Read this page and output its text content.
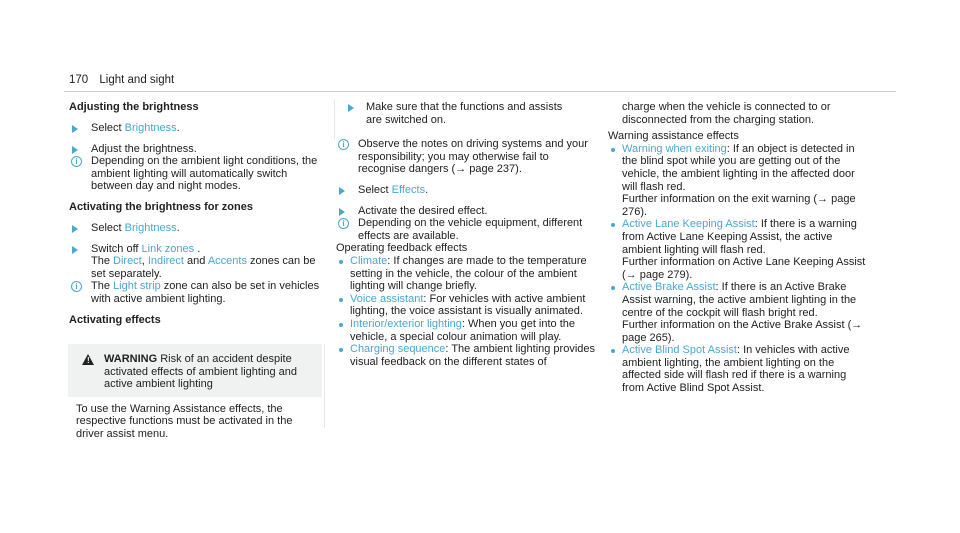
170 Light and sight
Adjusting the brightness
Select Brightness.
Adjust the brightness.
i	Depending on the ambient light conditions, the ambient lighting will automatically switch between day and night modes.
Activating the brightness for zones
Select Brightness.
Switch off Link zones .
The Direct, Indirect and Accents zones can be set separately.
i	The Light strip zone can also be set in vehicles with active ambient lighting.
Activating effects
! WARNING Risk of an accident despite activated effects of ambient lighting and active ambient lighting
To use the Warning Assistance effects, the respective functions must be activated in the driver assist menu.
Make sure that the functions and assists are switched on.
i	Observe the notes on driving systems and your responsibility; you may otherwise fail to recognise dangers (→ page 237).
Select Effects.
Activate the desired effect.
i	Depending on the vehicle equipment, different effects are available.

Operating feedback effects

Climate: If changes are made to the temperature setting in the vehicle, the colour of the ambient lighting will change briefly.
Voice assistant: For vehicles with active ambient lighting, the voice assistant is visually animated.
Interior/exterior lighting: When you get into the vehicle, a special colour animation will play.
Charging sequence: The ambient lighting provides visual feedback on the different states of

charge when the vehicle is connected to or disconnected from the charging station.

Warning assistance effects

Warning when exiting: If an object is detected in the blind spot while you are getting out of the vehicle, the ambient lighting in the affected door will flash red.
Further information on the exit warning (→ page 276).
Active Lane Keeping Assist: If there is a warning from Active Lane Keeping Assist, the active ambient lighting will flash red.
Further information on Active Lane Keeping Assist (→ page 279).
Active Brake Assist: If there is an Active Brake Assist warning, the active ambient lighting in the centre of the cockpit will flash bright red.
Further information on the Active Brake Assist (→ page 265).
Active Blind Spot Assist: In vehicles with active ambient lighting, the ambient lighting on the affected side will flash red if there is a warning from Active Blind Spot Assist.
